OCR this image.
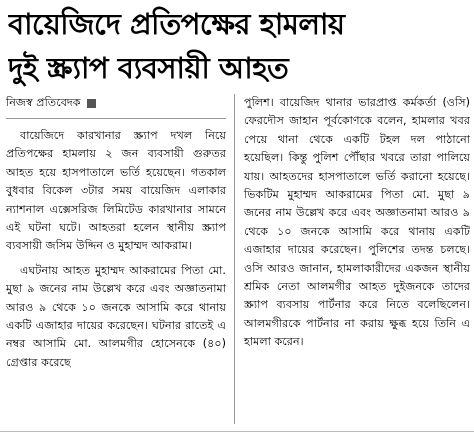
বায়েজিদে প্রতিপক্ষের হামলায়
দুই স্ক্র্যাপ ব্যবসায়ী আহত
নিজস্ব প্রতিবেদক

বায়েজিদে কারখানার স্ক্র্যাপ দখল নিয়ে প্রতিপক্ষের হামলায় ২ জন ব্যবসায়ী গুরুতর আহত হয়ে হাসপাতালে ভর্তি হয়েছেন। গতকাল বুধবার বিকেল ৩টার সময় বায়েজিদ এলাকার ন্যাশনাল এক্সেসরিজ লিমিটেড কারখানার সামনে এই ঘটনা ঘটে। আহতরা হলেন স্থানীয় স্ক্র্যাপ ব্যবসায়ী জসিম উদ্দিন ও মুহাম্মদ আকরাম।

এঘটনায় আহত মুহাম্মদ আকরামের পিতা মো. মুছা ৯ জনের নাম উল্লেখ করে এবং অজ্ঞাতনামা আরও ৯ থেকে ১০ জনকে আসামি করে থানায় একটি এজাহার দায়ের করেছেন। ঘটনার রাতেই এ নম্বর আসামি মো. আলমগীর হোসেনকে (৪০) গ্রেপ্তার করেছে

পুলিশ। বায়েজিদ থানার ভারপ্রাপ্ত কর্মকর্তা (ওসি) ফেরদৌস জাহান পূর্বকোণকে বলেন, হামলার খবর পেয়ে থানা থেকে একটি টহল দল পাঠানো হয়েছিল। কিন্তু পুলিশ পৌঁছার খবরে তারা পালিয়ে যায়। আহতদের হাসপাতালে ভর্তি করানো হয়েছে। ভিকটিম মুহাম্মদ আকরামের পিতা মো. মুছা ৯ জনের নাম উল্লেখ করে এবং অজ্ঞাতনামা আরও ৯ থেকে ১০ জনকে আসামি করে থানায় একটি এজাহার দায়ের করেছেন। পুলিশের তদন্ত চলছে। ওসি আরও জানান, হামলাকারীদের একজন স্থানীয় শ্রমিক নেতা আলমগীর আহত দুইজনকে তাদের স্ক্র্যাপ ব্যবসায় পার্টনার করে নিতে বলেছিলেন। আলমগীরকে পার্টনার না করায় ক্ষুব্ধ হয়ে তিনি এ হামলা করেন।
